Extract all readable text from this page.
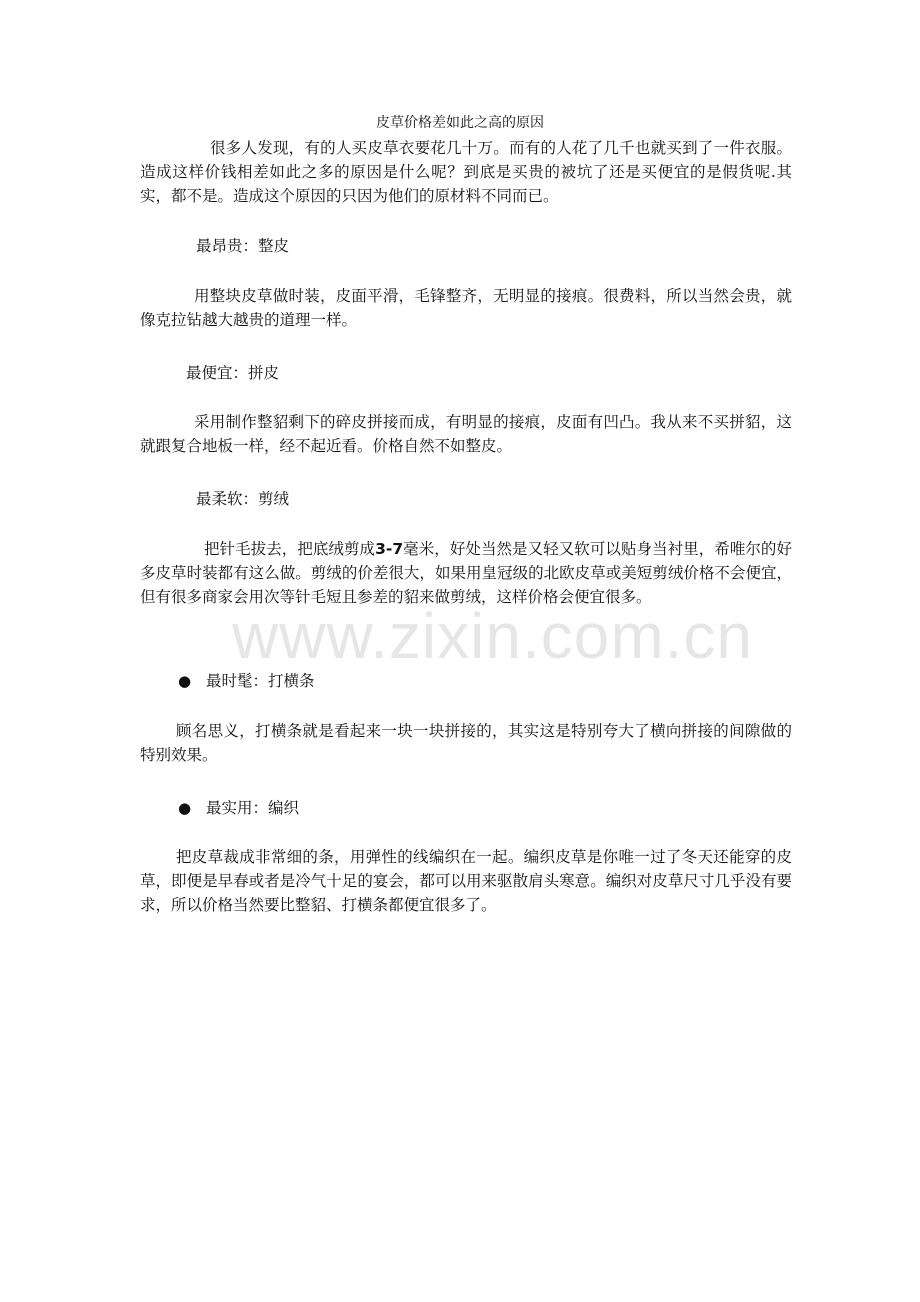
皮草价格差如此之高的原因

很多人发现，有的人买皮草衣要花几十万。而有的人花了几千也就买到了一件衣服。造成这样价钱相差如此之多的原因是什么呢？到底是买贵的被坑了还是买便宜的是假货呢.其实，都不是。造成这个原因的只因为他们的原材料不同而已。

最昂贵：整皮

用整块皮草做时装，皮面平滑，毛锋整齐，无明显的接痕。很费料，所以当然会贵，就像克拉钻越大越贵的道理一样。

最便宜：拼皮

采用制作整貂剩下的碎皮拼接而成，有明显的接痕，皮面有凹凸。我从来不买拼貂，这就跟复合地板一样，经不起近看。价格自然不如整皮。

最柔软：剪绒

把针毛拔去，把底绒剪成3-7毫米，好处当然是又轻又软可以贴身当衬里，希唯尔的好多皮草时装都有这么做。剪绒的价差很大，如果用皇冠级的北欧皮草或美短剪绒价格不会便宜，但有很多商家会用次等针毛短且参差的貂来做剪绒，这样价格会便宜很多。

www.zixin.com.cn
● 最时髦：打横条

顾名思义，打横条就是看起来一块一块拼接的，其实这是特别夸大了横向拼接的间隙做的特别效果。

● 最实用：编织

把皮草裁成非常细的条，用弹性的线编织在一起。编织皮草是你唯一过了冬天还能穿的皮草，即便是早春或者是冷气十足的宴会，都可以用来驱散肩头寒意。编织对皮草尺寸几乎没有要求，所以价格当然要比整貂、打横条都便宜很多了。
